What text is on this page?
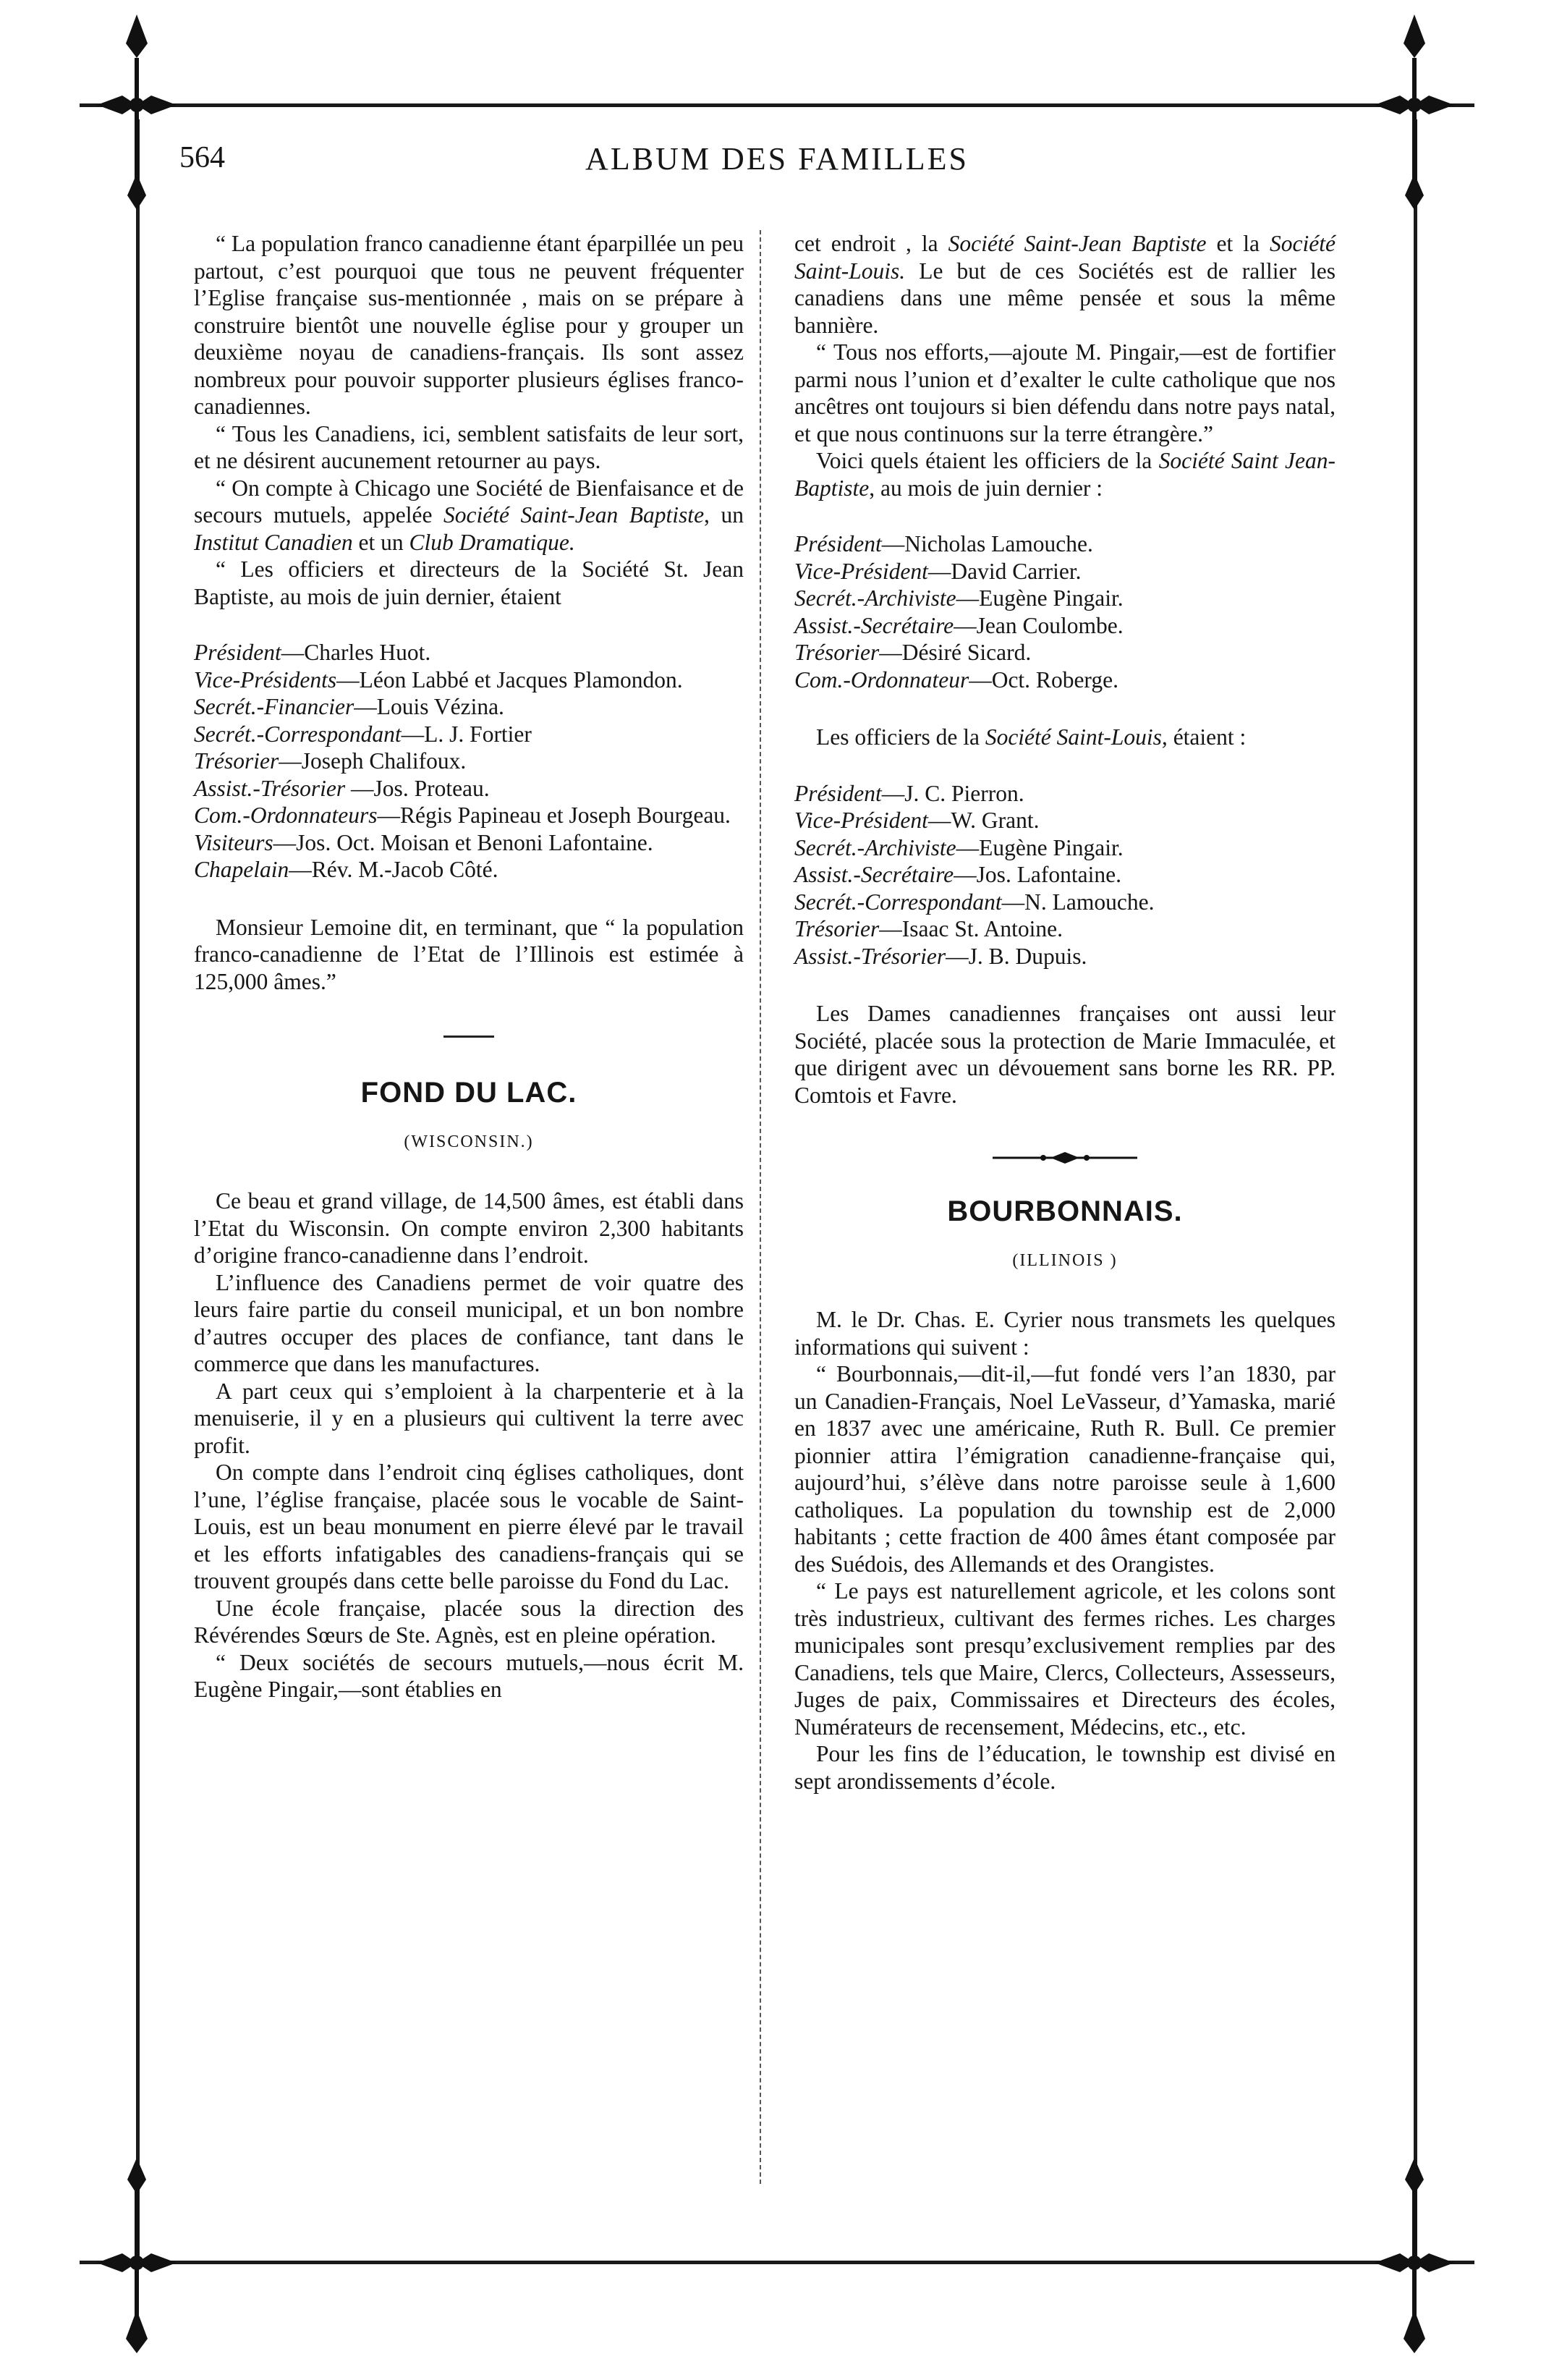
564	ALBUM DES FAMILLES

“ La population franco canadienne étant éparpillée un peu partout, c’est pourquoi que tous ne peuvent fréquenter l’Eglise française sus-mentionnée , mais on se prépare à construire bientôt une nouvelle église pour y grouper un deuxième noyau de canadiens-français. Ils sont assez nombreux pour pouvoir supporter plusieurs églises franco-canadiennes.

“ Tous les Canadiens, ici, semblent satisfaits de leur sort, et ne désirent aucunement retourner au pays.

“ On compte à Chicago une Société de Bienfaisance et de secours mutuels, appelée Société Saint-Jean Baptiste, un Institut Canadien et un Club Dramatique.

“ Les officiers et directeurs de la Société St. Jean Baptiste, au mois de juin dernier, étaient

Président—Charles Huot.
Vice-Présidents—Léon Labbé et Jacques Plamondon.
Secrét.-Financier—Louis Vézina.
Secrét.-Correspondant—L. J. Fortier
Trésorier—Joseph Chalifoux.
Assist.-Trésorier —Jos. Proteau.
Com.-Ordonnateurs—Régis Papineau et Joseph Bourgeau.
Visiteurs—Jos. Oct. Moisan et Benoni Lafontaine.
Chapelain—Rév. M.-Jacob Côté.

Monsieur Lemoine dit, en terminant, que “ la population franco-canadienne de l’Etat de l’Illinois est estimée à 125,000 âmes.”

FOND DU LAC.
(WISCONSIN.)

Ce beau et grand village, de 14,500 âmes, est établi dans l’Etat du Wisconsin. On compte environ 2,300 habitants d’origine franco-canadienne dans l’endroit.

L’influence des Canadiens permet de voir quatre des leurs faire partie du conseil municipal, et un bon nombre d’autres occuper des places de confiance, tant dans le commerce que dans les manufactures.

A part ceux qui s’emploient à la charpenterie et à la menuiserie, il y en a plusieurs qui cultivent la terre avec profit.

On compte dans l’endroit cinq églises catholiques, dont l’une, l’église française, placée sous le vocable de Saint-Louis, est un beau monument en pierre élevé par le travail et les efforts infatigables des canadiens-français qui se trouvent groupés dans cette belle paroisse du Fond du Lac.

Une école française, placée sous la direction des Révérendes Sœurs de Ste. Agnès, est en pleine opération.

“ Deux sociétés de secours mutuels,—nous écrit M. Eugène Pingair,—sont établies en

cet endroit , la Société Saint-Jean Baptiste et la Société Saint-Louis. Le but de ces Sociétés est de rallier les canadiens dans une même pensée et sous la même bannière.

“ Tous nos efforts,—ajoute M. Pingair,—est de fortifier parmi nous l’union et d’exalter le culte catholique que nos ancêtres ont toujours si bien défendu dans notre pays natal, et que nous continuons sur la terre étrangère.”

Voici quels étaient les officiers de la Société Saint Jean-Baptiste, au mois de juin dernier :

Président—Nicholas Lamouche.
Vice-Président—David Carrier.
Secrét.-Archiviste—Eugène Pingair.
Assist.-Secrétaire—Jean Coulombe.
Trésorier—Désiré Sicard.
Com.-Ordonnateur—Oct. Roberge.

Les officiers de la Société Saint-Louis, étaient :

Président—J. C. Pierron.
Vice-Président—W. Grant.
Secrét.-Archiviste—Eugène Pingair.
Assist.-Secrétaire—Jos. Lafontaine.
Secrét.-Correspondant—N. Lamouche.
Trésorier—Isaac St. Antoine.
Assist.-Trésorier—J. B. Dupuis.

Les Dames canadiennes françaises ont aussi leur Société, placée sous la protection de Marie Immaculée, et que dirigent avec un dévouement sans borne les RR. PP. Comtois et Favre.

BOURBONNAIS.
(ILLINOIS )

M. le Dr. Chas. E. Cyrier nous transmets les quelques informations qui suivent :

“ Bourbonnais,—dit-il,—fut fondé vers l’an 1830, par un Canadien-Français, Noel LeVasseur, d’Yamaska, marié en 1837 avec une américaine, Ruth R. Bull. Ce premier pionnier attira l’émigration canadienne-française qui, aujourd’hui, s’élève dans notre paroisse seule à 1,600 catholiques. La population du township est de 2,000 habitants ; cette fraction de 400 âmes étant composée par des Suédois, des Allemands et des Orangistes.

“ Le pays est naturellement agricole, et les colons sont très industrieux, cultivant des fermes riches. Les charges municipales sont presqu’exclusivement remplies par des Canadiens, tels que Maire, Clercs, Collecteurs, Assesseurs, Juges de paix, Commissaires et Directeurs des écoles, Numérateurs de recensement, Médecins, etc., etc.

Pour les fins de l’éducation, le township est divisé en sept arondissements d’école.
